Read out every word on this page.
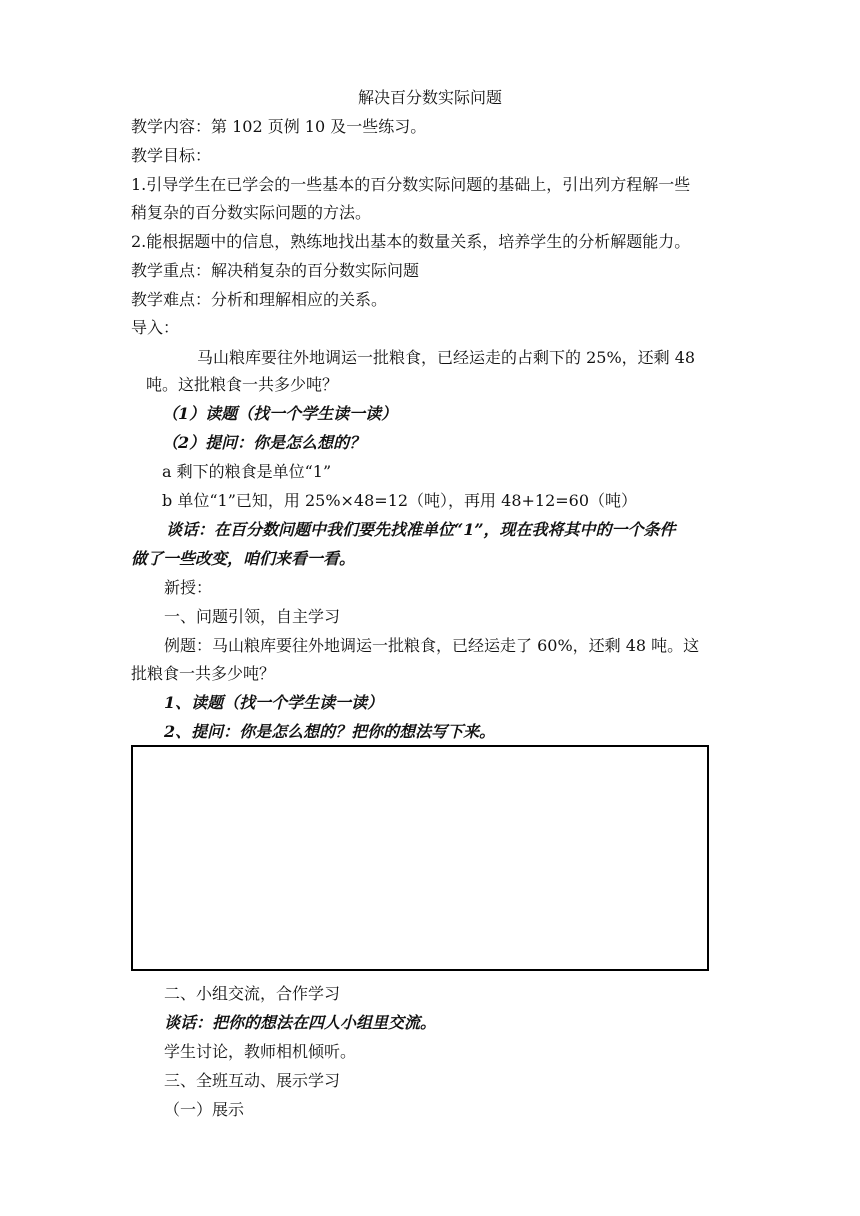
解决百分数实际问题
教学内容：第 102 页例 10 及一些练习。
教学目标：
1.引导学生在已学会的一些基本的百分数实际问题的基础上，引出列方程解一些
稍复杂的百分数实际问题的方法。
2.能根据题中的信息，熟练地找出基本的数量关系，培养学生的分析解题能力。
教学重点：解决稍复杂的百分数实际问题
教学难点：分析和理解相应的关系。
导入：
马山粮库要往外地调运一批粮食，已经运走的占剩下的 25%，还剩 48
吨。这批粮食一共多少吨？
（1）读题（找一个学生读一读）
（2）提问：你是怎么想的？
a 剩下的粮食是单位“1”
b 单位“1”已知，用 25%×48=12（吨），再用 48+12=60（吨）
谈话：在百分数问题中我们要先找准单位“1”，现在我将其中的一个条件
做了一些改变，咱们来看一看。
新授：
一、问题引领，自主学习
例题：马山粮库要往外地调运一批粮食，已经运走了 60%，还剩 48 吨。这
批粮食一共多少吨？
1、读题（找一个学生读一读）
2、提问：你是怎么想的？把你的想法写下来。
二、小组交流，合作学习
谈话：把你的想法在四人小组里交流。
学生讨论，教师相机倾听。
三、全班互动、展示学习
（一）展示
